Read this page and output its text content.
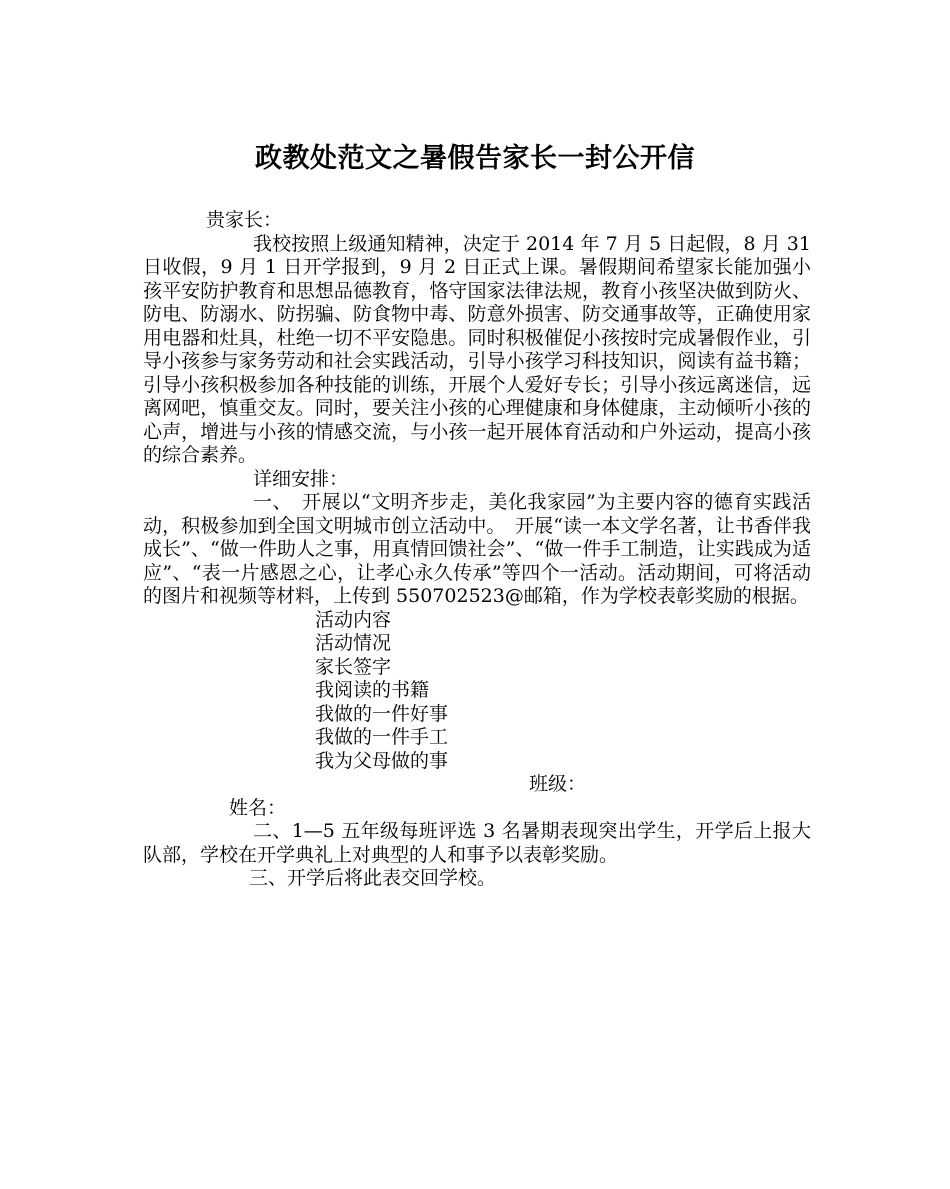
政教处范文之暑假告家长一封公开信
贵家长：

我校按照上级通知精神，决定于 2014 年 7 月 5 日起假，8 月 31 日收假，9 月 1 日开学报到，9 月 2 日正式上课。暑假期间希望家长能加强小孩平安防护教育和思想品德教育，恪守国家法律法规，教育小孩坚决做到防火、防电、防溺水、防拐骗、防食物中毒、防意外损害、防交通事故等，正确使用家用电器和灶具，杜绝一切不平安隐患。同时积极催促小孩按时完成暑假作业，引导小孩参与家务劳动和社会实践活动，引导小孩学习科技知识，阅读有益书籍；引导小孩积极参加各种技能的训练，开展个人爱好专长；引导小孩远离迷信，远离网吧，慎重交友。同时，要关注小孩的心理健康和身体健康，主动倾听小孩的心声，增进与小孩的情感交流，与小孩一起开展体育活动和户外运动，提高小孩的综合素养。

详细安排：

一、　开展以“文明齐步走，美化我家园”为主要内容的德育实践活动，积极参加到全国文明城市创立活动中。　开展“读一本文学名著，让书香伴我成长”、“做一件助人之事，用真情回馈社会”、“做一件手工制造，让实践成为适应”、“表一片感恩之心，让孝心永久传承”等四个一活动。活动期间，可将活动的图片和视频等材料，上传到 550702523@邮箱，作为学校表彰奖励的根据。

活动内容
活动情况
家长签字
我阅读的书籍
我做的一件好事
我做的一件手工
我为父母做的事
班级：
姓名：

二、1—5 五年级每班评选 3 名暑期表现突出学生，开学后上报大队部，学校在开学典礼上对典型的人和事予以表彰奖励。

三、开学后将此表交回学校。
